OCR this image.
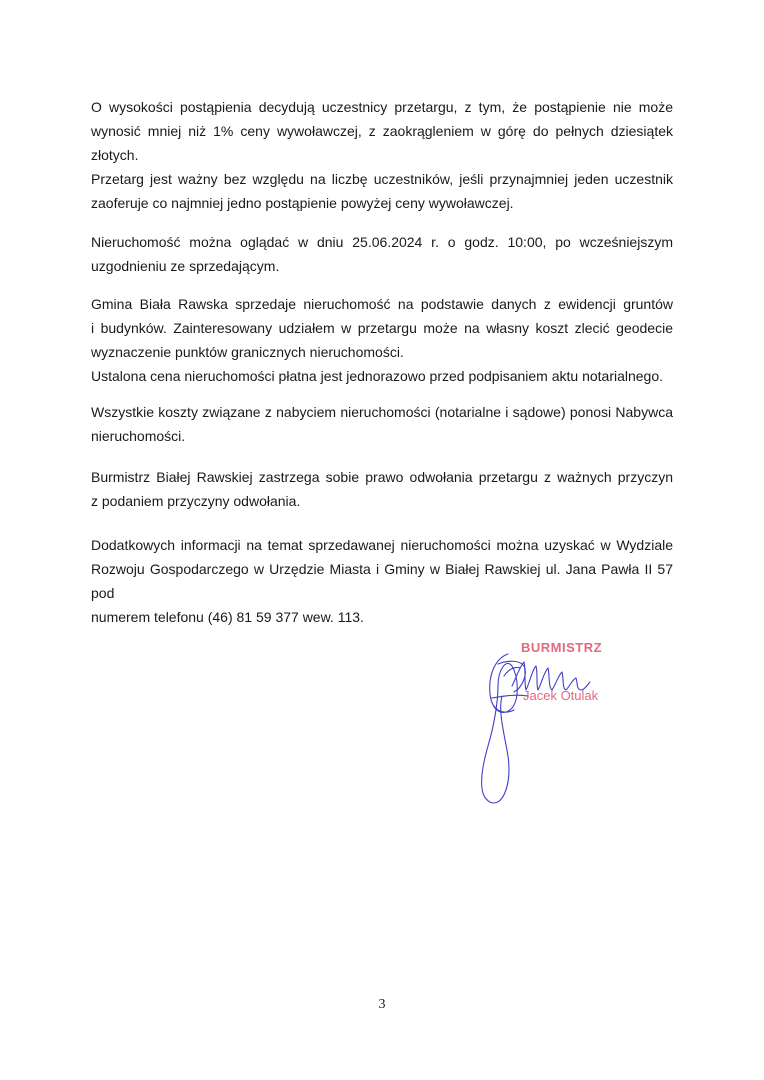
O wysokości postąpienia decydują uczestnicy przetargu, z tym, że postąpienie nie może

wynosić mniej niż 1% ceny wywoławczej, z zaokrągleniem w górę do pełnych dziesiątek

złotych.

Przetarg jest ważny bez względu na liczbę uczestników, jeśli przynajmniej jeden uczestnik

zaoferuje co najmniej jedno postąpienie powyżej ceny wywoławczej.

Nieruchomość można oglądać w dniu 25.06.2024 r. o godz. 10:00, po wcześniejszym

uzgodnieniu ze sprzedającym.

Gmina Biała Rawska sprzedaje nieruchomość na podstawie danych z ewidencji gruntów

i budynków. Zainteresowany udziałem w przetargu może na własny koszt zlecić geodecie

wyznaczenie punktów granicznych nieruchomości.

Ustalona cena nieruchomości płatna jest jednorazowo przed podpisaniem aktu notarialnego.

Wszystkie koszty związane z nabyciem nieruchomości (notarialne i sądowe) ponosi Nabywca

nieruchomości.

Burmistrz Białej Rawskiej zastrzega sobie prawo odwołania przetargu z ważnych przyczyn

z podaniem przyczyny odwołania.

Dodatkowych informacji na temat sprzedawanej nieruchomości można uzyskać w Wydziale

Rozwoju Gospodarczego w Urzędzie Miasta i Gminy w Białej Rawskiej ul. Jana Pawła II 57 pod

numerem telefonu (46) 81 59 377 wew. 113.

BURMISTRZ
Jacek Otulak
3
